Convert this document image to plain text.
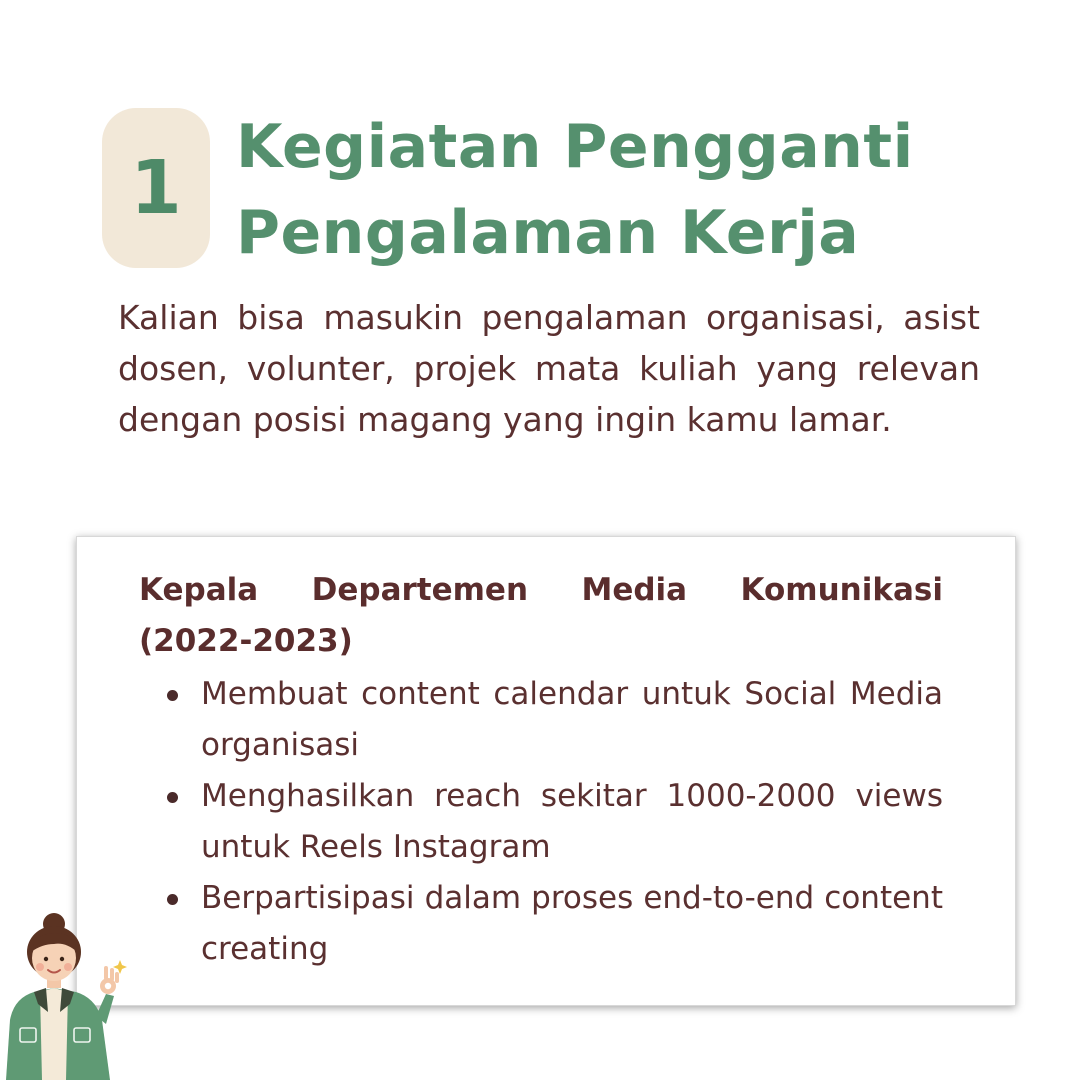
1 Kegiatan Pengganti
Pengalaman Kerja

Kalian bisa masukin pengalaman organisasi, asist dosen, volunter, projek mata kuliah yang relevan dengan posisi magang yang ingin kamu lamar.

Kepala Departemen Media Komunikasi
(2022-2023)

Membuat content calendar untuk Social Media organisasi
Menghasilkan reach sekitar 1000-2000 views untuk Reels Instagram
Berpartisipasi dalam proses end-to-end content creating
